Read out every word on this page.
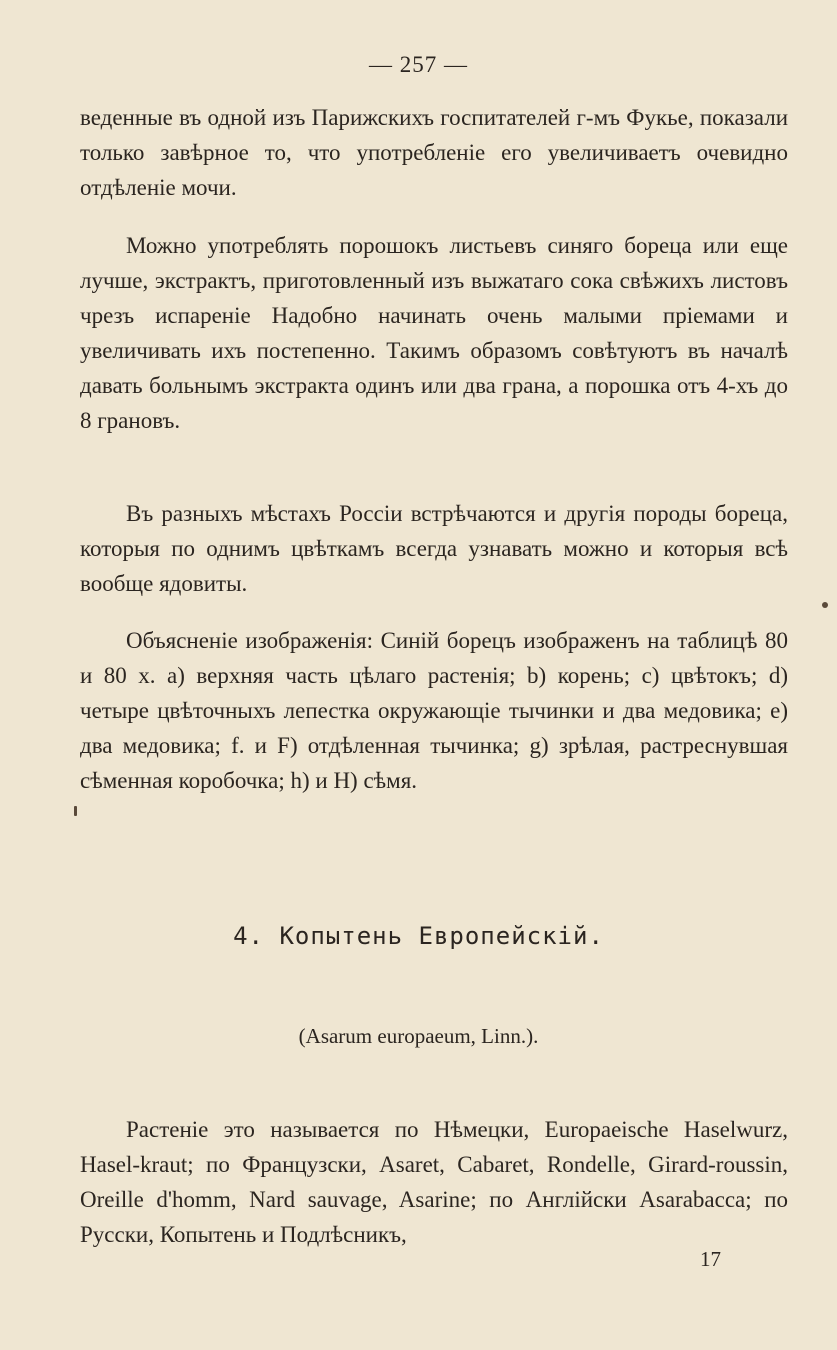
— 257 —

веденные въ одной изъ Парижскихъ госпитателей г-мъ Фукье, показали только завѣрное то, что употребленіе его увеличиваетъ очевидно отдѣленіе мочи.

Можно употреблять порошокъ листьевъ синяго бореца или еще лучше, экстрактъ, приготовленный изъ выжатаго сока свѣжихъ листовъ чрезъ испареніе Надобно начинать очень малыми пріемами и увеличивать ихъ постепенно. Такимъ образомъ совѣтуютъ въ началѣ давать больнымъ экстракта одинъ или два грана, а порошка отъ 4-хъ до 8 грановъ.

Въ разныхъ мѣстахъ Россіи встрѣчаются и другія породы бореца, которыя по однимъ цвѣткамъ всегда узнавать можно и которыя всѣ вообще ядовиты.

Объясненіе изображенія: Синій борецъ изображенъ на таблицѣ 80 и 80 х. а) верхняя часть цѣлаго растенія; b) корень; c) цвѣтокъ; d) четыре цвѣточныхъ лепестка окружающіе тычинки и два медовика; e) два медовика; f. и F) отдѣленная тычинка; g) зрѣлая, растреснувшая сѣменная коробочка; h) и H) сѣмя.

4. Копытень Европейскій.

(Asarum europaeum, Linn.).

Растеніе это называется по Нѣмецки, Europaeische Haselwurz, Hasel-kraut; по Французски, Asaret, Cabaret, Rondelle, Girard-roussin, Oreille d'homm, Nard sauvage, Asarine; по Англійски Asarabacca; по Русски, Копытень и Подлѣсникъ,

17
